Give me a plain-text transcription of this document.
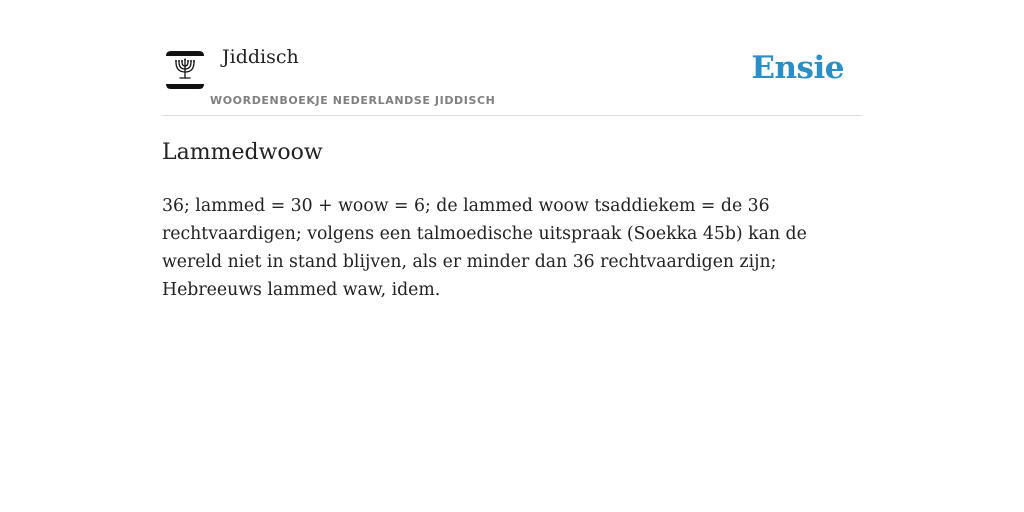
Jiddisch
WOORDENBOEKJE NEDERLANDSE JIDDISCH
Ensie
Lammedwoow

36; lammed = 30 + woow = 6; de lammed woow tsaddiekem = de 36 rechtvaardigen; volgens een talmoedische uitspraak (Soekka 45b) kan de wereld niet in stand blijven, als er minder dan 36 rechtvaardigen zijn; Hebreeuws lammed waw, idem.
